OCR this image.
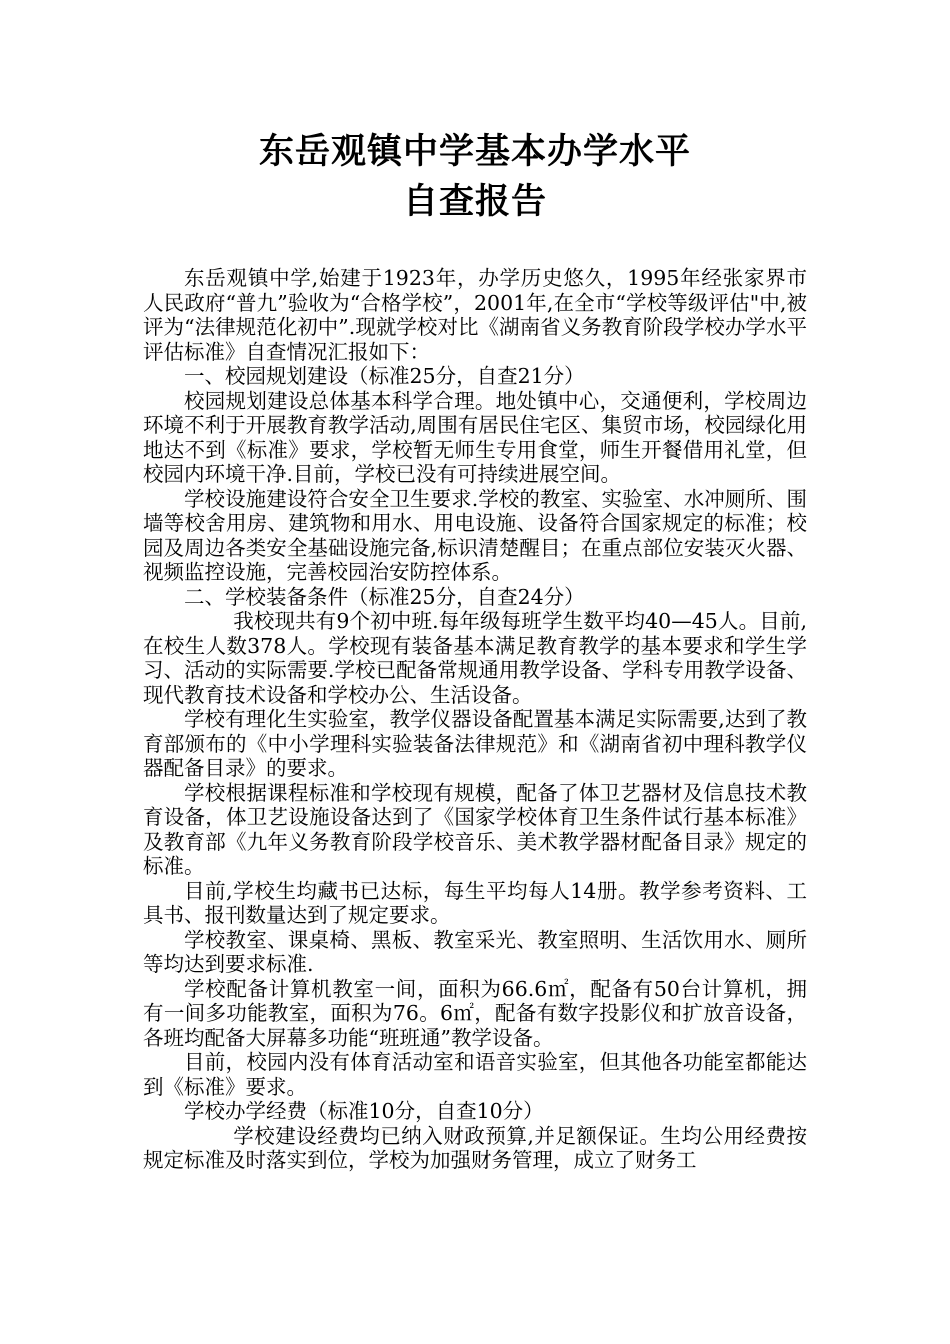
东岳观镇中学基本办学水平
自查报告

东岳观镇中学,始建于1923年，办学历史悠久，1995年经张家界市人民政府“普九”验收为“合格学校”，2001年,在全市“学校等级评估"中,被评为“法律规范化初中”.现就学校对比《湖南省义务教育阶段学校办学水平评估标准》自查情况汇报如下：

一、校园规划建设（标准25分，自查21分）

校园规划建设总体基本科学合理。地处镇中心，交通便利，学校周边环境不利于开展教育教学活动,周围有居民住宅区、集贸市场，校园绿化用地达不到《标准》要求，学校暂无师生专用食堂，师生开餐借用礼堂，但校园内环境干净.目前，学校已没有可持续进展空间。

学校设施建设符合安全卫生要求.学校的教室、实验室、水冲厕所、围墙等校舍用房、建筑物和用水、用电设施、设备符合国家规定的标准；校园及周边各类安全基础设施完备,标识清楚醒目；在重点部位安装灭火器、视频监控设施，完善校园治安防控体系。

二、学校装备条件（标准25分，自查24分）

我校现共有9个初中班.每年级每班学生数平均40—45人。目前,在校生人数378人。学校现有装备基本满足教育教学的基本要求和学生学习、活动的实际需要.学校已配备常规通用教学设备、学科专用教学设备、现代教育技术设备和学校办公、生活设备。

学校有理化生实验室，教学仪器设备配置基本满足实际需要,达到了教育部颁布的《中小学理科实验装备法律规范》和《湖南省初中理科教学仪器配备目录》的要求。

学校根据课程标准和学校现有规模，配备了体卫艺器材及信息技术教育设备，体卫艺设施设备达到了《国家学校体育卫生条件试行基本标准》及教育部《九年义务教育阶段学校音乐、美术教学器材配备目录》规定的标准。

目前,学校生均藏书已达标，每生平均每人14册。教学参考资料、工具书、报刊数量达到了规定要求。

学校教室、课桌椅、黑板、教室采光、教室照明、生活饮用水、厕所等均达到要求标准.

学校配备计算机教室一间，面积为66.6㎡，配备有50台计算机，拥有一间多功能教室，面积为76。6㎡，配备有数字投影仪和扩放音设备，各班均配备大屏幕多功能“班班通”教学设备。

目前，校园内没有体育活动室和语音实验室，但其他各功能室都能达到《标准》要求。

学校办学经费（标准10分，自查10分）

学校建设经费均已纳入财政预算,并足额保证。生均公用经费按规定标准及时落实到位，学校为加强财务管理，成立了财务工
